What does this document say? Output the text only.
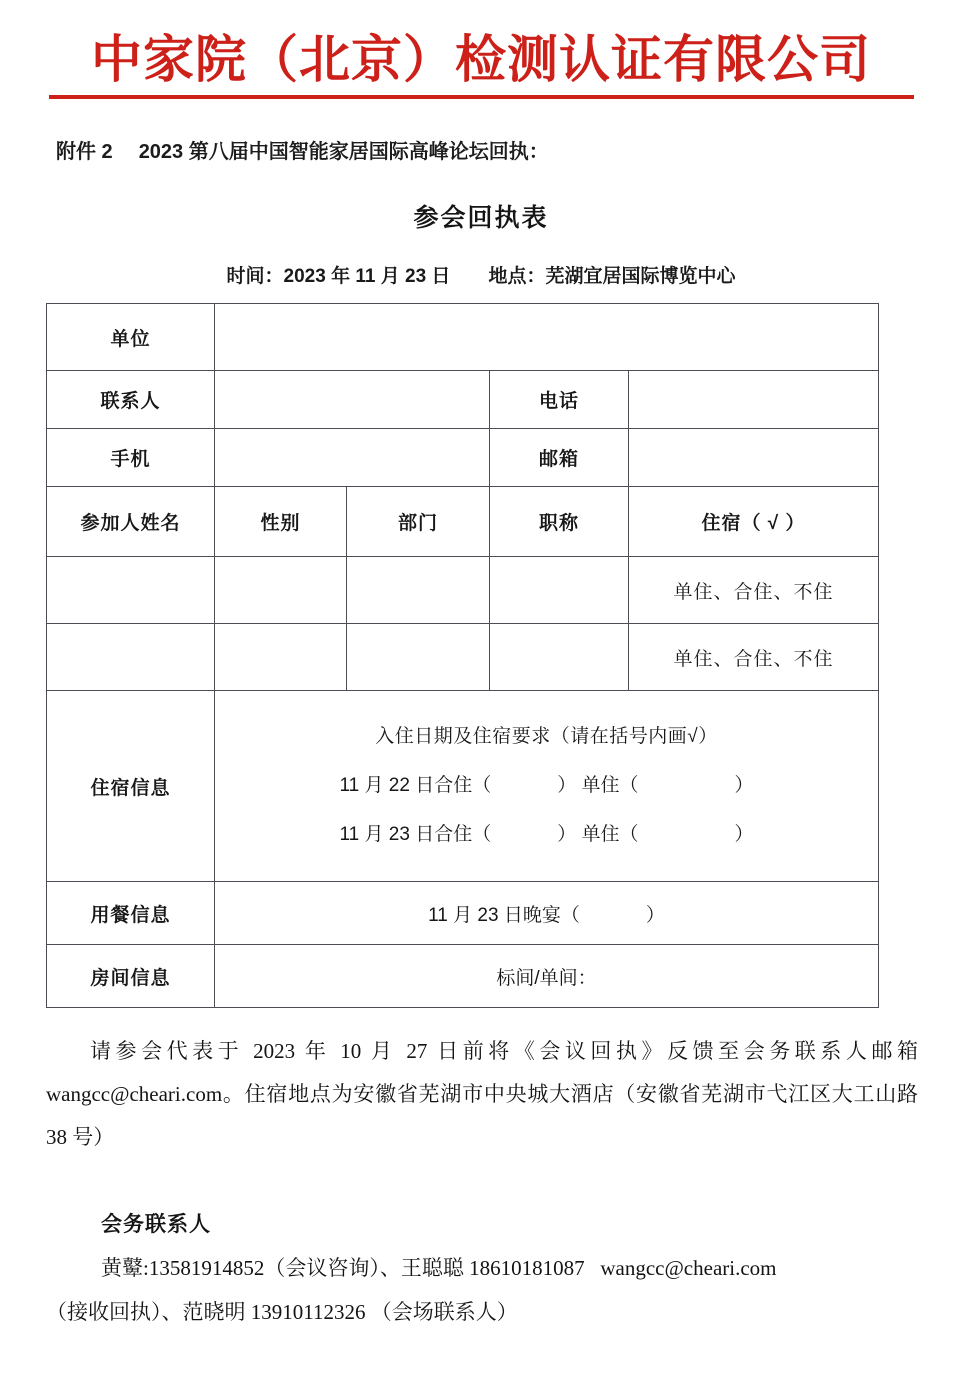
中家院（北京）检测认证有限公司
附件 2 2023 第八届中国智能家居国际高峰论坛回执：
参会回执表
时间：2023 年 11 月 23 日 地点：芜湖宜居国际博览中心
单位				
联系人			电话	
手机			邮箱	
参加人姓名	性别	部门	职称	住宿（ √ ）
				单住、合住、不住
				单住、合住、不住
住宿信息	入住日期及住宿要求（请在括号内画√）
11 月 22 日合住（ ） 单住（ ）
11 月 23 日合住（ ） 单住（ ）			

用餐信息	11 月 23 日晚宴（ ）			
房间信息	标间/单间：			
请参会代表于 2023 年 10 月 27 日前将《会议回执》反馈至会务联系人邮箱 wangcc@cheari.com。住宿地点为安徽省芜湖市中央城大酒店（安徽省芜湖市弋江区大工山路 38 号）
会务联系人
黄鼙:13581914852（会议咨询）、王聪聪 18610181087   wangcc@cheari.com
（接收回执）、范晓明 13910112326 （会场联系人）
